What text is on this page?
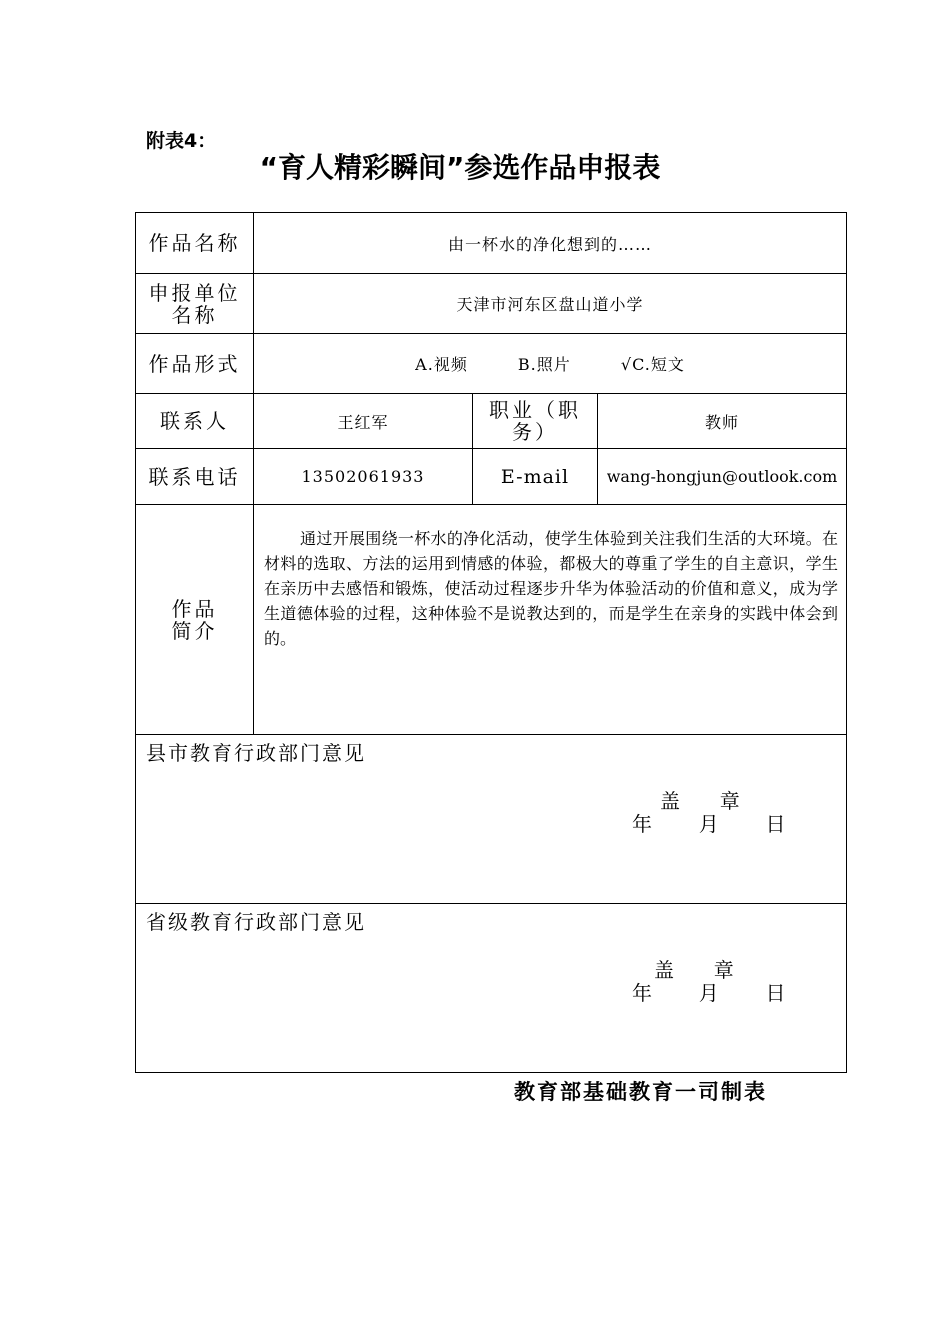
附表4：
“育人精彩瞬间”参选作品申报表
作品名称	由一杯水的净化想到的……		

申报单位
名称	天津市河东区盘山道小学		
作品形式	A.视频 B.照片 √C.短文		
联系人	王红军	职业（职
务）	教师
联系电话	13502061933	E-mail	wang-hongjun@outlook.com

作品
简介	通过开展围绕一杯水的净化活动，使学生体验到关注我们生活的大环境。在材料的选取、方法的运用到情感的体验，都极大的尊重了学生的自主意识，学生在亲历中去感悟和锻炼，使活动过程逐步升华为体验活动的价值和意义，成为学生道德体验的过程，这种体验不是说教达到的，而是学生在亲身的实践中体会到的。		

县市教育行政部门意见
盖 章
年 月 日			

省级教育行政部门意见
盖 章
年 月 日			
教育部基础教育一司制表
